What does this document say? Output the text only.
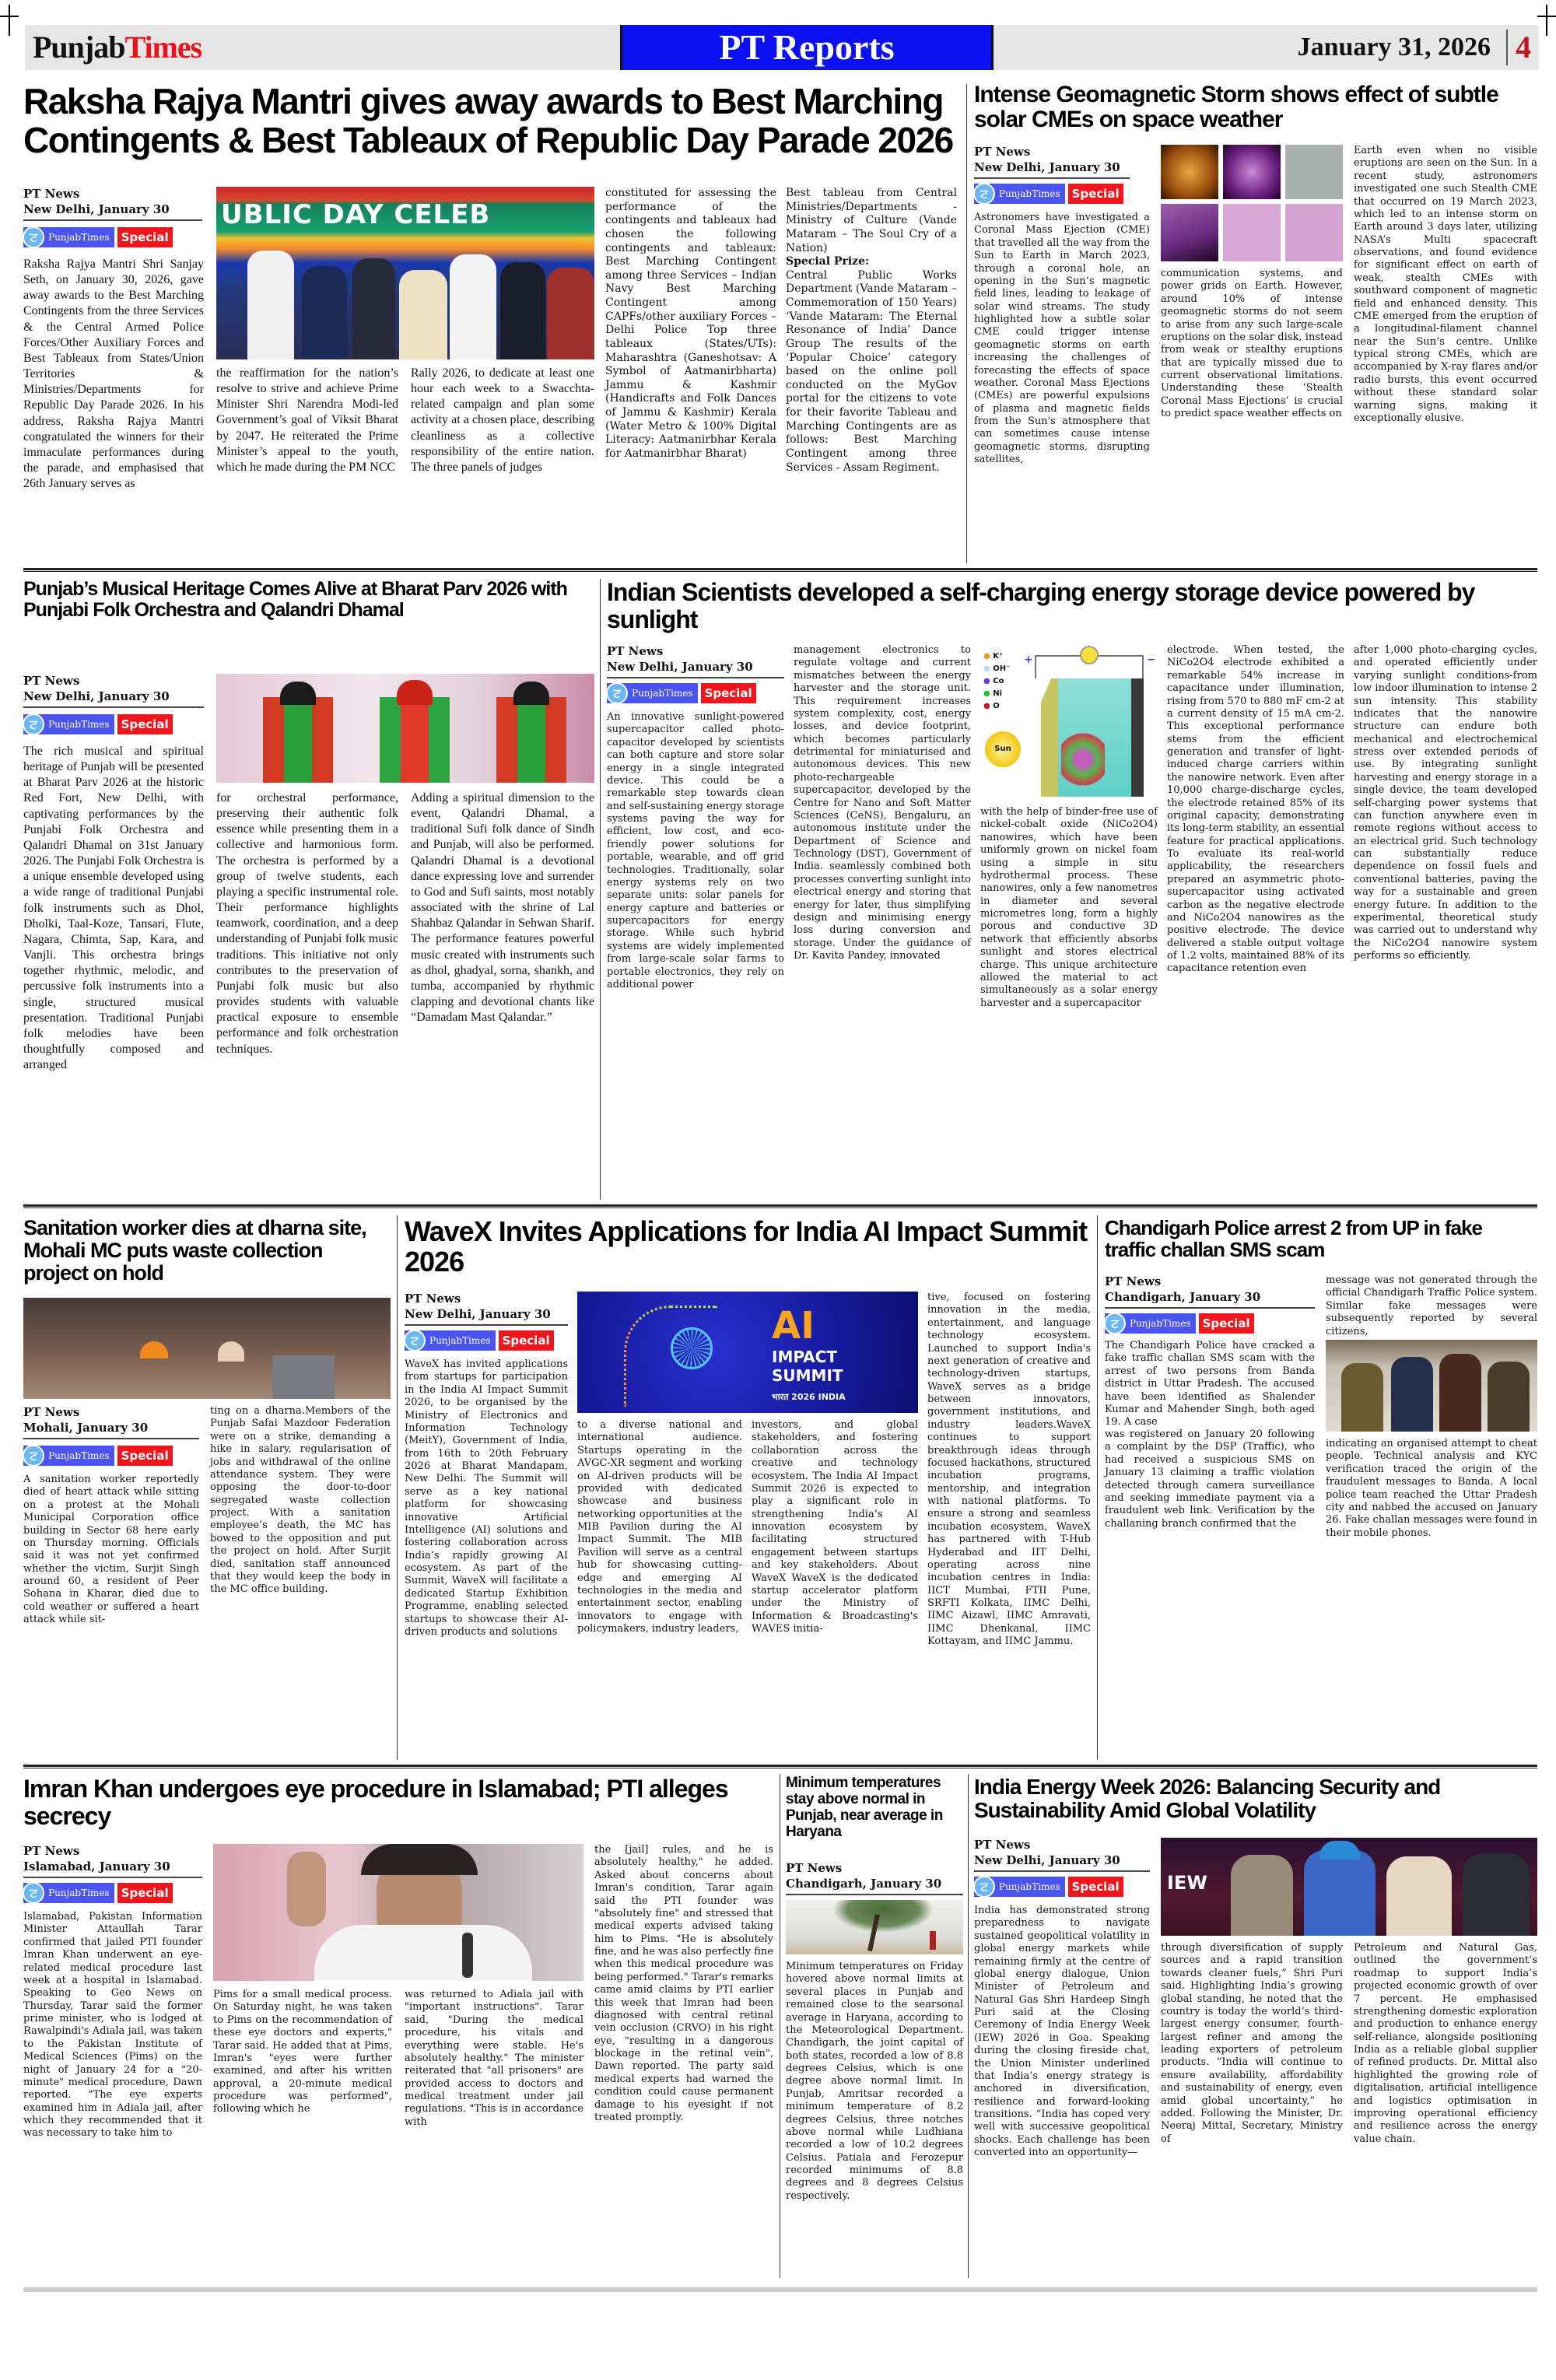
PunjabTimes	PT Reports	January 31, 2026 4
Raksha Rajya Mantri gives away awards to Best Marching Contingents & Best Tableaux of Republic Day Parade 2026
PT News
New Delhi, January 30
ਟ	PunjabTimes	Special
Raksha Rajya Mantri Shri Sanjay Seth, on January 30, 2026, gave away awards to the Best Marching Contingents from the three Services & the Central Armed Police Forces/Other Auxiliary Forces and Best Tableaux from States/Union Territories & Ministries/Departments for Republic Day Parade 2026. In his address, Raksha Rajya Mantri congratulated the winners for their immaculate performances during the parade, and emphasised that 26th January serves as
UBLIC DAY CELEB
the reaffirmation for the nation’s resolve to strive and achieve Prime Minister Shri Narendra Modi-led Government’s goal of Viksit Bharat by 2047. He reiterated the Prime Minister’s appeal to the youth, which he made during the PM NCC
Rally 2026, to dedicate at least one hour each week to a Swacchta-related campaign and plan some activity at a chosen place, describing cleanliness as a collective responsibility of the entire nation. The three panels of judges
constituted for assessing the performance of the contingents and tableaux had chosen the following contingents and tableaux: Best Marching Contingent among three Services – Indian Navy Best Marching Contingent among CAPFs/other auxiliary Forces – Delhi Police Top three tableaux (States/UTs): Maharashtra (Ganeshotsav: A Symbol of Aatmanirbharta) Jammu & Kashmir (Handicrafts and Folk Dances of Jammu & Kashmir) Kerala (Water Metro & 100% Digital Literacy: Aatmanirbhar Kerala for Aatmanirbhar Bharat)

Best tableau from Central Ministries/Departments - Ministry of Culture (Vande Mataram – The Soul Cry of a Nation)

Special Prize:

Central Public Works Department (Vande Mataram – Commemoration of 150 Years) ‘Vande Mataram: The Eternal Resonance of India’ Dance Group The results of the ‘Popular Choice’ category based on the online poll conducted on the MyGov portal for the citizens to vote for their favorite Tableau and Marching Contingents are as follows: Best Marching Contingent among three Services - Assam Regiment.

Intense Geomagnetic Storm shows effect of subtle solar CMEs on space weather
PT News
New Delhi, January 30
ਟ	PunjabTimes	Special
Astronomers have investigated a Coronal Mass Ejection (CME) that travelled all the way from the Sun to Earth in March 2023, through a coronal hole, an opening in the Sun’s magnetic field lines, leading to leakage of solar wind streams. The study highlighted how a subtle solar CME could trigger intense geomagnetic storms on earth increasing the challenges of forecasting the effects of space weather. Coronal Mass Ejections (CMEs) are powerful expulsions of plasma and magnetic fields from the Sun's atmosphere that can sometimes cause intense geomagnetic storms, disrupting satellites,
communication systems, and power grids on Earth. However, around 10% of intense geomagnetic storms do not seem to arise from any such large-scale eruptions on the solar disk, instead from weak or stealthy eruptions that are typically missed due to current observational limitations. Understanding these ‘Stealth Coronal Mass Ejections’ is crucial to predict space weather effects on
Earth even when no visible eruptions are seen on the Sun. In a recent study, astronomers investigated one such Stealth CME that occurred on 19 March 2023, which led to an intense storm on Earth around 3 days later, utilizing NASA’s Multi spacecraft observations, and found evidence for significant effect on earth of weak, stealth CMEs with southward component of magnetic field and enhanced density. This CME emerged from the eruption of a longitudinal-filament channel near the Sun’s centre. Unlike typical strong CMEs, which are accompanied by X-ray flares and/or radio bursts, this event occurred without these standard solar warning signs, making it exceptionally elusive.
Punjab’s Musical Heritage Comes Alive at Bharat Parv 2026 with Punjabi Folk Orchestra and Qalandri Dhamal
PT News
New Delhi, January 30
ਟ	PunjabTimes	Special
The rich musical and spiritual heritage of Punjab will be presented at Bharat Parv 2026 at the historic Red Fort, New Delhi, with captivating performances by the Punjabi Folk Orchestra and Qalandri Dhamal on 31st January 2026. The Punjabi Folk Orchestra is a unique ensemble developed using a wide range of traditional Punjabi folk instruments such as Dhol, Dholki, Taal-Koze, Tansari, Flute, Nagara, Chimta, Sap, Kara, and Vanjli. This orchestra brings together rhythmic, melodic, and percussive folk instruments into a single, structured musical presentation. Traditional Punjabi folk melodies have been thoughtfully composed and arranged
for orchestral performance, preserving their authentic folk essence while presenting them in a collective and harmonious form. The orchestra is performed by a group of twelve students, each playing a specific instrumental role. Their performance highlights teamwork, coordination, and a deep understanding of Punjabi folk music traditions. This initiative not only contributes to the preservation of Punjabi folk music but also provides students with valuable practical exposure to ensemble performance and folk orchestration techniques.
Adding a spiritual dimension to the event, Qalandri Dhamal, a traditional Sufi folk dance of Sindh and Punjab, will also be performed. Qalandri Dhamal is a devotional dance expressing love and surrender to God and Sufi saints, most notably associated with the shrine of Lal Shahbaz Qalandar in Sehwan Sharif. The performance features powerful music created with instruments such as dhol, ghadyal, sorna, shankh, and tumba, accompanied by rhythmic clapping and devotional chants like “Damadam Mast Qalandar.”
Indian Scientists developed a self-charging energy storage device powered by sunlight
PT News
New Delhi, January 30
ਟ	PunjabTimes	Special
An innovative sunlight-powered supercapacitor called photo-capacitor developed by scientists can both capture and store solar energy in a single integrated device. This could be a remarkable step towards clean and self-sustaining energy storage systems paving the way for efficient, low cost, and eco-friendly power solutions for portable, wearable, and off grid technologies. Traditionally, solar energy systems rely on two separate units: solar panels for energy capture and batteries or supercapacitors for energy storage. While such hybrid systems are widely implemented from large-scale solar farms to portable electronics, they rely on additional power
management electronics to regulate voltage and current mismatches between the energy harvester and the storage unit. This requirement increases system complexity, cost, energy losses, and device footprint, which becomes particularly detrimental for miniaturised and autonomous devices. This new photo-rechargeable supercapacitor, developed by the Centre for Nano and Soft Matter Sciences (CeNS), Bengaluru, an autonomous institute under the Department of Science and Technology (DST), Government of India. seamlessly combined both processes converting sunlight into electrical energy and storing that energy for later, thus simplifying design and minimising energy loss during conversion and storage. Under the guidance of Dr. Kavita Pandey, innovated
+	−
● K⁺
● OH⁻
● Co
● Ni
● O
Sun
with the help of binder-free use of nickel-cobalt oxide (NiCo2O4) nanowires, which have been uniformly grown on nickel foam using a simple in situ hydrothermal process. These nanowires, only a few nanometres in diameter and several micrometres long, form a highly porous and conductive 3D network that efficiently absorbs sunlight and stores electrical charge. This unique architecture allowed the material to act simultaneously as a solar energy harvester and a supercapacitor
electrode. When tested, the NiCo2O4 electrode exhibited a remarkable 54% increase in capacitance under illumination, rising from 570 to 880 mF cm-2 at a current density of 15 mA cm-2. This exceptional performance stems from the efficient generation and transfer of light-induced charge carriers within the nanowire network. Even after 10,000 charge-discharge cycles, the electrode retained 85% of its original capacity, demonstrating its long-term stability, an essential feature for practical applications. To evaluate its real-world applicability, the researchers prepared an asymmetric photo-supercapacitor using activated carbon as the negative electrode and NiCo2O4 nanowires as the positive electrode. The device delivered a stable output voltage of 1.2 volts, maintained 88% of its capacitance retention even
after 1,000 photo-charging cycles, and operated efficiently under varying sunlight conditions-from low indoor illumination to intense 2 sun intensity. This stability indicates that the nanowire structure can endure both mechanical and electrochemical stress over extended periods of use. By integrating sunlight harvesting and energy storage in a single device, the team developed self-charging power systems that can function anywhere even in remote regions without access to an electrical grid. Such technology can substantially reduce dependence on fossil fuels and conventional batteries, paving the way for a sustainable and green energy future. In addition to the experimental, theoretical study was carried out to understand why the NiCo2O4 nanowire system performs so efficiently.
Sanitation worker dies at dharna site, Mohali MC puts waste collection project on hold
PT News
Mohali, January 30
ਟ	PunjabTimes	Special
A sanitation worker reportedly died of heart attack while sitting on a protest at the Mohali Municipal Corporation office building in Sector 68 here early on Thursday morning. Officials said it was not yet confirmed whether the victim, Surjit Singh around 60, a resident of Peer Sohana in Kharar, died due to cold weather or suffered a heart attack while sit-
ting on a dharna.Members of the Punjab Safai Mazdoor Federation were on a strike, demanding a hike in salary, regularisation of jobs and withdrawal of the online attendance system. They were opposing the door-to-door segregated waste collection project. With a sanitation employee’s death, the MC has bowed to the opposition and put the project on hold. After Surjit died, sanitation staff announced that they would keep the body in the MC office building.
WaveX Invites Applications for India AI Impact Summit 2026
PT News
New Delhi, January 30
ਟ	PunjabTimes	Special
WaveX has invited applications from startups for participation in the India AI Impact Summit 2026, to be organised by the Ministry of Electronics and Information Technology (MeitY), Government of India, from 16th to 20th February 2026 at Bharat Mandapam, New Delhi. The Summit will serve as a key national platform for showcasing innovative Artificial Intelligence (AI) solutions and fostering collaboration across India’s rapidly growing AI ecosystem. As part of the Summit, WaveX will facilitate a dedicated Startup Exhibition Programme, enabling selected startups to showcase their AI-driven products and solutions
AI
IMPACT
SUMMIT
भारत 2026 INDIA
to a diverse national and international audience. Startups operating in the AVGC-XR segment and working on AI-driven products will be provided with dedicated showcase and business networking opportunities at the MIB Pavilion during the AI Impact Summit. The MIB Pavilion will serve as a central hub for showcasing cutting-edge and emerging AI technologies in the media and entertainment sector, enabling innovators to engage with policymakers, industry leaders,
investors, and global stakeholders, and fostering collaboration across the creative and technology ecosystem. The India AI Impact Summit 2026 is expected to play a significant role in strengthening India’s AI innovation ecosystem by facilitating structured engagement between startups and key stakeholders. About WaveX WaveX is the dedicated startup accelerator platform under the Ministry of Information & Broadcasting's WAVES initia-
tive, focused on fostering innovation in the media, entertainment, and language technology ecosystem. Launched to support India's next generation of creative and technology-driven startups, WaveX serves as a bridge between innovators, government institutions, and industry leaders.WaveX continues to support breakthrough ideas through focused hackathons, structured incubation programs, mentorship, and integration with national platforms. To ensure a strong and seamless incubation ecosystem, WaveX has partnered with T-Hub Hyderabad and IIT Delhi, operating across nine incubation centres in India: IICT Mumbai, FTII Pune, SRFTI Kolkata, IIMC Delhi, IIMC Aizawl, IIMC Amravati, IIMC Dhenkanal, IIMC Kottayam, and IIMC Jammu.
Chandigarh Police arrest 2 from UP in fake traffic challan SMS scam
PT News
Chandigarh, January 30
ਟ	PunjabTimes	Special
The Chandigarh Police have cracked a fake traffic challan SMS scam with the arrest of two persons from Banda district in Uttar Pradesh. The accused have been identified as Shalender Kumar and Mahender Singh, both aged 19. A case
was registered on January 20 following a complaint by the DSP (Traffic), who had received a suspicious SMS on January 13 claiming a traffic violation detected through camera surveillance and seeking immediate payment via a fraudulent web link. Verification by the challaning branch confirmed that the
message was not generated through the official Chandigarh Traffic Police system. Similar fake messages were subsequently reported by several citizens,
indicating an organised attempt to cheat people. Technical analysis and KYC verification traced the origin of the fraudulent messages to Banda. A local police team reached the Uttar Pradesh city and nabbed the accused on January 26. Fake challan messages were found in their mobile phones.
Imran Khan undergoes eye procedure in Islamabad; PTI alleges secrecy
PT News
Islamabad, January 30
ਟ	PunjabTimes	Special
Islamabad, Pakistan Information Minister Attaullah Tarar confirmed that jailed PTI founder Imran Khan underwent an eye-related medical procedure last week at a hospital in Islamabad. Speaking to Geo News on Thursday, Tarar said the former prime minister, who is lodged at Rawalpindi's Adiala jail, was taken to the Pakistan Institute of Medical Sciences (Pims) on the night of January 24 for a "20-minute" medical procedure, Dawn reported. "The eye experts examined him in Adiala jail, after which they recommended that it was necessary to take him to
Pims for a small medical process. On Saturday night, he was taken to Pims on the recommendation of these eye doctors and experts," Tarar said. He added that at Pims, Imran's "eyes were further examined, and after his written approval, a 20-minute medical procedure was performed", following which he
was returned to Adiala jail with "important instructions". Tarar said, "During the medical procedure, his vitals and everything were stable. He's absolutely healthy." The minister reiterated that "all prisoners" are provided access to doctors and medical treatment under jail regulations. "This is in accordance with
the [jail] rules, and he is absolutely healthy," he added. Asked about concerns about Imran's condition, Tarar again said the PTI founder was "absolutely fine" and stressed that medical experts advised taking him to Pims. "He is absolutely fine, and he was also perfectly fine when this medical procedure was being performed." Tarar's remarks came amid claims by PTI earlier this week that Imran had been diagnosed with central retinal vein occlusion (CRVO) in his right eye, "resulting in a dangerous blockage in the retinal vein", Dawn reported. The party said medical experts had warned the condition could cause permanent damage to his eyesight if not treated promptly.
Minimum temperatures stay above normal in Punjab, near average in Haryana
PT News
Chandigarh, January 30
Minimum temperatures on Friday hovered above normal limits at several places in Punjab and remained close to the searsonal average in Haryana, according to the Meteorological Department. Chandigarh, the joint capital of both states, recorded a low of 8.8 degrees Celsius, which is one degree above normal limit. In Punjab, Amritsar recorded a minimum temperature of 8.2 degrees Celsius, three notches above normal while Ludhiana recorded a low of 10.2 degrees Celsius. Patiala and Ferozepur recorded minimums of 8.8 degrees and 8 degrees Celsius respectively.
India Energy Week 2026: Balancing Security and Sustainability Amid Global Volatility
PT News
New Delhi, January 30
ਟ	PunjabTimes	Special
India has demonstrated strong preparedness to navigate sustained geopolitical volatility in global energy markets while remaining firmly at the centre of global energy dialogue, Union Minister of Petroleum and Natural Gas Shri Hardeep Singh Puri said at the Closing Ceremony of India Energy Week (IEW) 2026 in Goa. Speaking during the closing fireside chat, the Union Minister underlined that India’s energy strategy is anchored in diversification, resilience and forward-looking transitions. “India has coped very well with successive geopolitical shocks. Each challenge has been converted into an opportunity—
IEW
through diversification of supply sources and a rapid transition towards cleaner fuels,” Shri Puri said. Highlighting India’s growing global standing, he noted that the country is today the world’s third-largest energy consumer, fourth-largest refiner and among the leading exporters of petroleum products. “India will continue to ensure availability, affordability and sustainability of energy, even amid global uncertainty,” he added. Following the Minister, Dr. Neeraj Mittal, Secretary, Ministry of
Petroleum and Natural Gas, outlined the government’s roadmap to support India’s projected economic growth of over 7 percent. He emphasised strengthening domestic exploration and production to enhance energy self-reliance, alongside positioning India as a reliable global supplier of refined products. Dr. Mittal also highlighted the growing role of digitalisation, artificial intelligence and logistics optimisation in improving operational efficiency and resilience across the energy value chain.
